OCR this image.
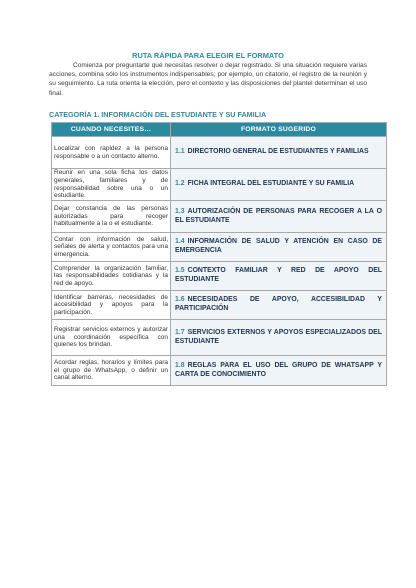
RUTA RÁPIDA PARA ELEGIR EL FORMATO

Comienza por preguntarte qué necesitas resolver o dejar registrado. Si una situación requiere varias acciones, combina sólo los instrumentos indispensables; por ejemplo, un citatorio, el registro de la reunión y su seguimiento. La ruta orienta la elección, pero el contexto y las disposiciones del plantel determinan el uso final.

CATEGORÍA 1. INFORMACIÓN DEL ESTUDIANTE Y SU FAMILIA
CUANDO NECESITES…	FORMATO SUGERIDO
Localizar con rapidez a la persona responsable o a un contacto alterno.	1.1 DIRECTORIO GENERAL DE ESTUDIANTES Y FAMILIAS
Reunir en una sola ficha los datos generales, familiares y de responsabilidad sobre una o un estudiante.	1.2 FICHA INTEGRAL DEL ESTUDIANTE Y SU FAMILIA
Dejar constancia de las personas autorizadas para recoger habitualmente a la o el estudiante.	1.3 AUTORIZACIÓN DE PERSONAS PARA RECOGER A LA O EL ESTUDIANTE
Contar con información de salud, señales de alerta y contactos para una emergencia.	1.4 INFORMACIÓN DE SALUD Y ATENCIÓN EN CASO DE EMERGENCIA
Comprender la organización familiar, las responsabilidades cotidianas y la red de apoyo.	1.5 CONTEXTO FAMILIAR Y RED DE APOYO DEL ESTUDIANTE
Identificar barreras, necesidades de accesibilidad y apoyos para la participación.	1.6 NECESIDADES DE APOYO, ACCESIBILIDAD Y PARTICIPACIÓN
Registrar servicios externos y autorizar una coordinación específica con quienes los brindan.	1.7 SERVICIOS EXTERNOS Y APOYOS ESPECIALIZADOS DEL ESTUDIANTE
Acordar reglas, horarios y límites para el grupo de WhatsApp, o definir un canal alterno.	1.8 REGLAS PARA EL USO DEL GRUPO DE WHATSAPP Y CARTA DE CONOCIMIENTO
